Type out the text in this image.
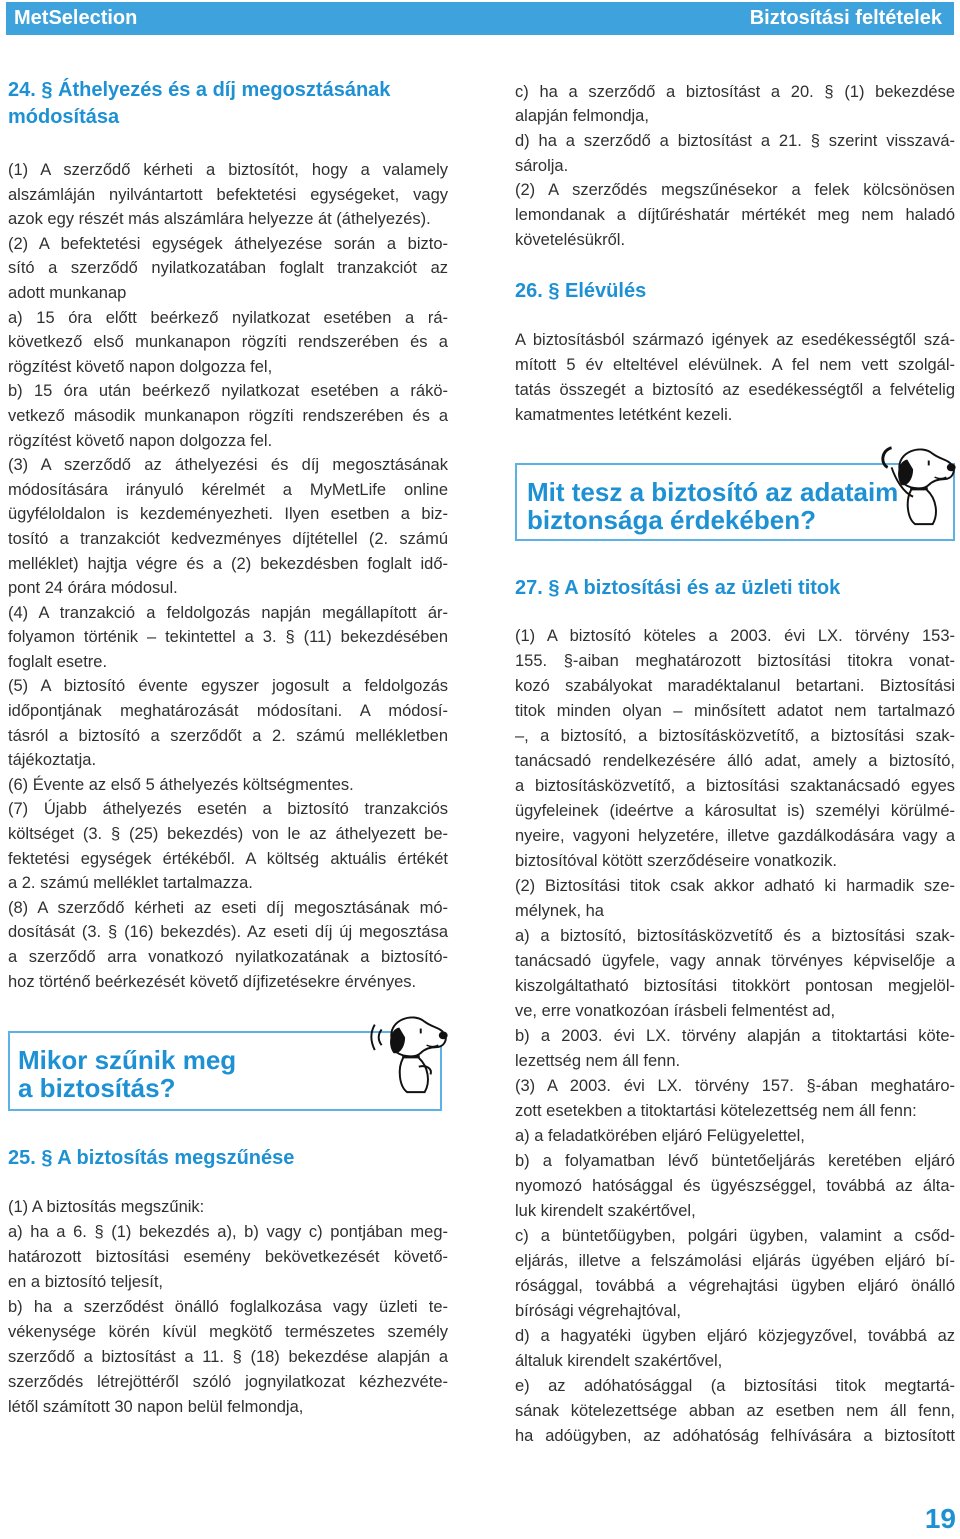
MetSelection	Biztosítási feltételek
24. § Áthelyezés és a díj megosztásának
módosítása
(1) A szerződő kérheti a biztosítót, hogy a valamely
alszámláján nyilvántartott befektetési egységeket, vagy
azok egy részét más alszámlára helyezze át (áthelyezés).
(2) A befektetési egységek áthelyezése során a bizto-
sító a szerződő nyilatkozatában foglalt tranzakciót az
adott munkanap
a) 15 óra előtt beérkező nyilatkozat esetében a rá-
következő első munkanapon rögzíti rendszerében és a
rögzítést követő napon dolgozza fel,
b) 15 óra után beérkező nyilatkozat esetében a rákö-
vetkező második munkanapon rögzíti rendszerében és a
rögzítést követő napon dolgozza fel.
(3) A szerződő az áthelyezési és díj megosztásának
módosítására irányuló kérelmét a MyMetLife online
ügyféloldalon is kezdeményezheti. Ilyen esetben a biz-
tosító a tranzakciót kedvezményes díjtétellel (2. számú
melléklet) hajtja végre és a (2) bekezdésben foglalt idő-
pont 24 órára módosul.
(4) A tranzakció a feldolgozás napján megállapított ár-
folyamon történik – tekintettel a 3. § (11) bekezdésében
foglalt esetre.
(5) A biztosító évente egyszer jogosult a feldolgozás
időpontjának meghatározását módosítani. A módosí-
tásról a biztosító a szerződőt a 2. számú mellékletben
tájékoztatja.
(6) Évente az első 5 áthelyezés költségmentes.
(7) Újabb áthelyezés esetén a biztosító tranzakciós
költséget (3. § (25) bekezdés) von le az áthelyezett be-
fektetési egységek értékéből. A költség aktuális értékét
a 2. számú melléklet tartalmazza.
(8) A szerződő kérheti az eseti díj megosztásának mó-
dosítását (3. § (16) bekezdés). Az eseti díj új megosztása
a szerződő arra vonatkozó nyilatkozatának a biztosító-
hoz történő beérkezését követő díjfizetésekre érvényes.
Mikor szűnik meg
a biztosítás?
25. § A biztosítás megszűnése
(1) A biztosítás megszűnik:
a) ha a 6. § (1) bekezdés a), b) vagy c) pontjában meg-
határozott biztosítási esemény bekövetkezését követő-
en a biztosító teljesít,
b) ha a szerződést önálló foglalkozása vagy üzleti te-
vékenysége körén kívül megkötő természetes személy
szerződő a biztosítást a 11. § (18) bekezdése alapján a
szerződés létrejöttéről szóló jognyilatkozat kézhezvéte-
létől számított 30 napon belül felmondja,
c) ha a szerződő a biztosítást a 20. § (1) bekezdése
alapján felmondja,
d) ha a szerződő a biztosítást a 21. § szerint visszavá-
sárolja.
(2) A szerződés megszűnésekor a felek kölcsönösen
lemondanak a díjtűréshatár mértékét meg nem haladó
követelésükről.
26. § Elévülés
A biztosításból származó igények az esedékességtől szá-
mított 5 év elteltével elévülnek. A fel nem vett szolgál-
tatás összegét a biztosító az esedékességtől a felvételig
kamatmentes letétként kezeli.
Mit tesz a biztosító az adataim
biztonsága érdekében?
27. § A biztosítási és az üzleti titok
(1) A biztosító köteles a 2003. évi LX. törvény 153-
155. §-aiban meghatározott biztosítási titokra vonat-
kozó szabályokat maradéktalanul betartani. Biztosítási
titok minden olyan – minősített adatot nem tartalmazó
–, a biztosító, a biztosításközvetítő, a biztosítási szak-
tanácsadó rendelkezésére álló adat, amely a biztosító,
a biztosításközvetítő, a biztosítási szaktanácsadó egyes
ügyfeleinek (ideértve a károsultat is) személyi körülmé-
nyeire, vagyoni helyzetére, illetve gazdálkodására vagy a
biztosítóval kötött szerződéseire vonatkozik.
(2) Biztosítási titok csak akkor adható ki harmadik sze-
mélynek, ha
a) a biztosító, biztosításközvetítő és a biztosítási szak-
tanácsadó ügyfele, vagy annak törvényes képviselője a
kiszolgáltatható biztosítási titokkört pontosan megjelöl-
ve, erre vonatkozóan írásbeli felmentést ad,
b) a 2003. évi LX. törvény alapján a titoktartási köte-
lezettség nem áll fenn.
(3) A 2003. évi LX. törvény 157. §-ában meghatáro-
zott esetekben a titoktartási kötelezettség nem áll fenn:
a) a feladatkörében eljáró Felügyelettel,
b) a folyamatban lévő büntetőeljárás keretében eljáró
nyomozó hatósággal és ügyészséggel, továbbá az álta-
luk kirendelt szakértővel,
c) a büntetőügyben, polgári ügyben, valamint a csőd-
eljárás, illetve a felszámolási eljárás ügyében eljáró bí-
rósággal, továbbá a végrehajtási ügyben eljáró önálló
bírósági végrehajtóval,
d) a hagyatéki ügyben eljáró közjegyzővel, továbbá az
általuk kirendelt szakértővel,
e) az adóhatósággal (a biztosítási titok megtartá-
sának kötelezettsége abban az esetben nem áll fenn,
ha adóügyben, az adóhatóság felhívására a biztosított
19
